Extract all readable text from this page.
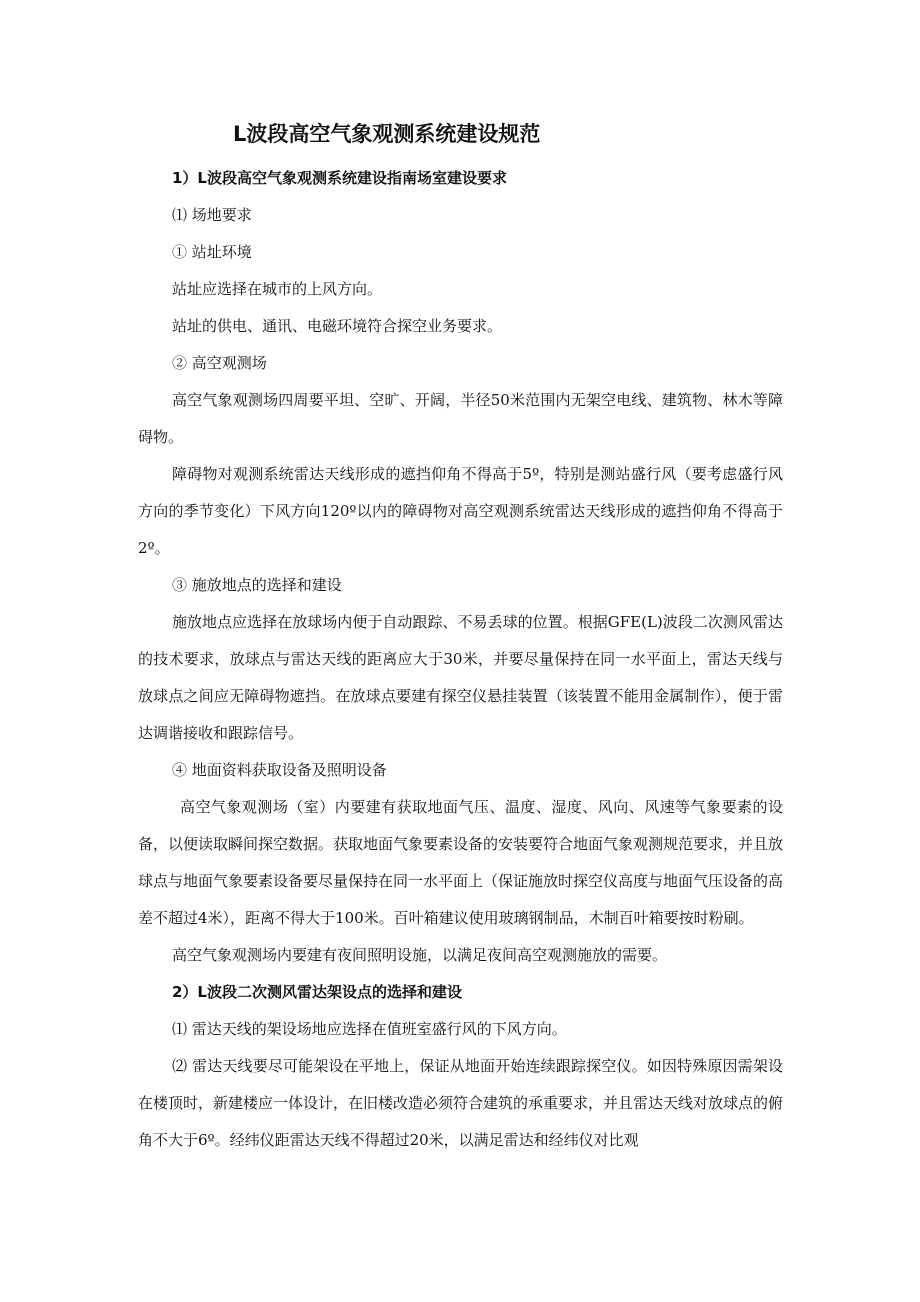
L波段高空气象观测系统建设规范

1）L波段高空气象观测系统建设指南场室建设要求

⑴ 场地要求

① 站址环境

站址应选择在城市的上风方向。

站址的供电、通讯、电磁环境符合探空业务要求。

② 高空观测场

高空气象观测场四周要平坦、空旷、开阔，半径50米范围内无架空电线、建筑物、林木等障碍物。

障碍物对观测系统雷达天线形成的遮挡仰角不得高于5º，特别是测站盛行风（要考虑盛行风方向的季节变化）下风方向120º以内的障碍物对高空观测系统雷达天线形成的遮挡仰角不得高于2º。

③ 施放地点的选择和建设

施放地点应选择在放球场内便于自动跟踪、不易丢球的位置。根据GFE(L)波段二次测风雷达的技术要求，放球点与雷达天线的距离应大于30米，并要尽量保持在同一水平面上，雷达天线与放球点之间应无障碍物遮挡。在放球点要建有探空仪悬挂装置（该装置不能用金属制作），便于雷达调谐接收和跟踪信号。

④ 地面资料获取设备及照明设备

高空气象观测场（室）内要建有获取地面气压、温度、湿度、风向、风速等气象要素的设备，以便读取瞬间探空数据。获取地面气象要素设备的安装要符合地面气象观测规范要求，并且放球点与地面气象要素设备要尽量保持在同一水平面上（保证施放时探空仪高度与地面气压设备的高差不超过4米），距离不得大于100米。百叶箱建议使用玻璃钢制品，木制百叶箱要按时粉刷。

高空气象观测场内要建有夜间照明设施，以满足夜间高空观测施放的需要。

2）L波段二次测风雷达架设点的选择和建设

⑴ 雷达天线的架设场地应选择在值班室盛行风的下风方向。

⑵ 雷达天线要尽可能架设在平地上，保证从地面开始连续跟踪探空仪。如因特殊原因需架设在楼顶时，新建楼应一体设计，在旧楼改造必须符合建筑的承重要求，并且雷达天线对放球点的俯角不大于6º。经纬仪距雷达天线不得超过20米，以满足雷达和经纬仪对比观
